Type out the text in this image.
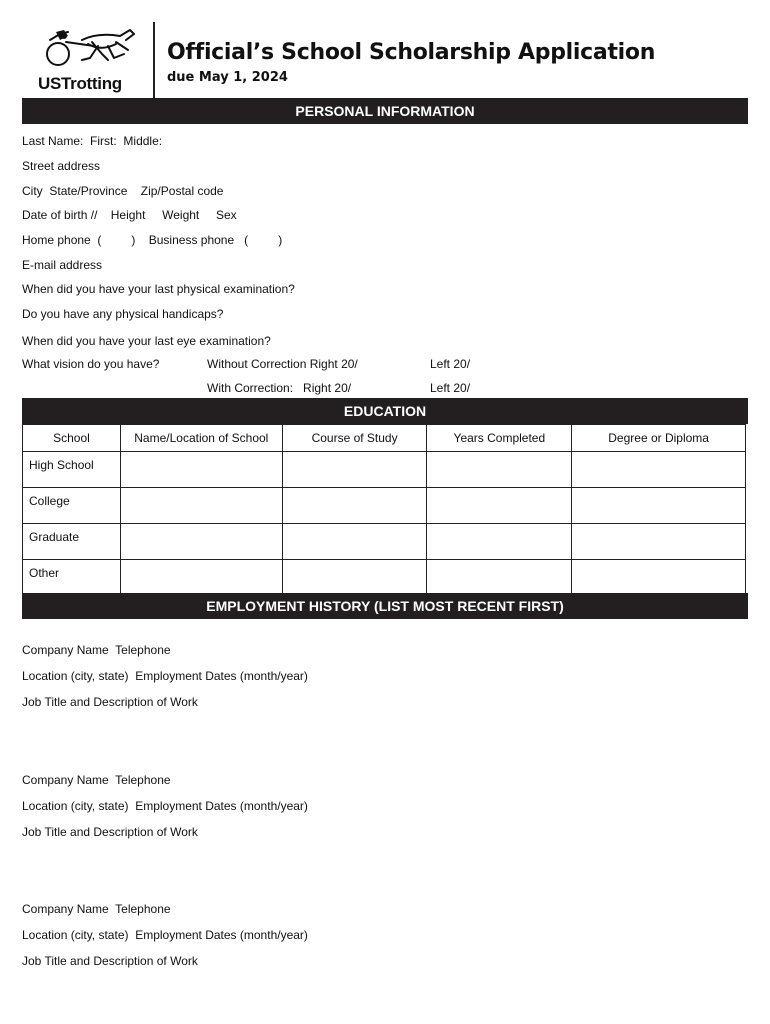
USTrotting
Official’s School Scholarship Application
due May 1, 2024
PERSONAL INFORMATION
Last Name: First: Middle:
Street address
City State/Province Zip/Postal code
Date of birth // Height Weight Sex
Home phone (	) Business phone (	)
E-mail address
When did you have your last physical examination?
Do you have any physical handicaps?
When did you have your last eye examination?
What vision do you have?	Without Correction Right 20/	Left 20/
With Correction: Right 20/	Left 20/
EDUCATION
School	Name/Location of School	Course of Study	Years Completed	Degree or Diploma
High School				
College				
Graduate				
Other				
EMPLOYMENT HISTORY (LIST MOST RECENT FIRST)
Company Name Telephone
Location (city, state) Employment Dates (month/year)
Job Title and Description of Work
Company Name Telephone
Location (city, state) Employment Dates (month/year)
Job Title and Description of Work
Company Name Telephone
Location (city, state) Employment Dates (month/year)
Job Title and Description of Work
